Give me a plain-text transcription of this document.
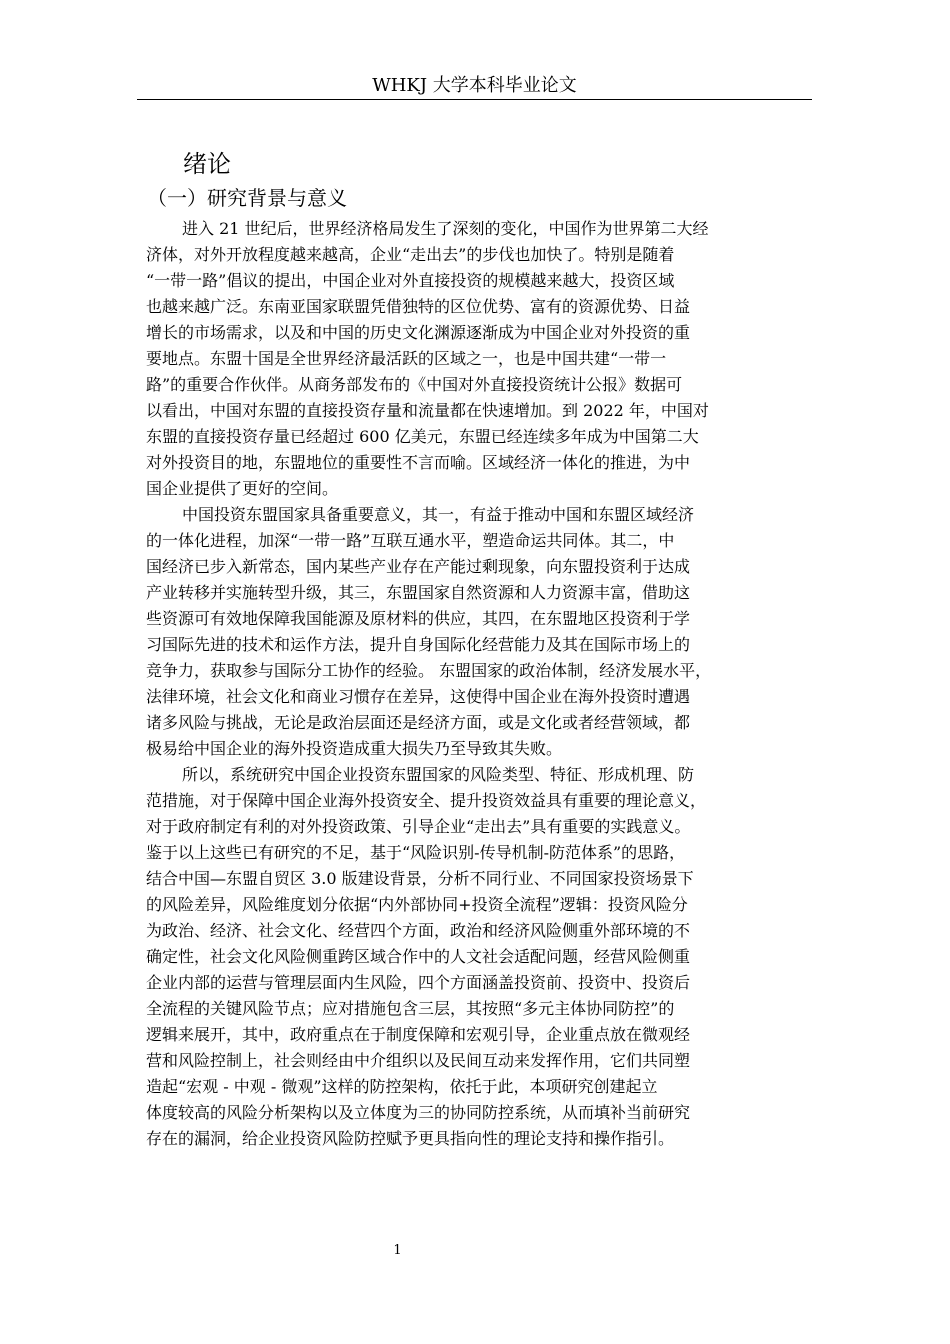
WHKJ 大学本科毕业论文
绪论
（一）研究背景与意义
进入 21 世纪后，世界经济格局发生了深刻的变化，中国作为世界第二大经
济体，对外开放程度越来越高，企业“走出去”的步伐也加快了。特别是随着
“一带一路”倡议的提出，中国企业对外直接投资的规模越来越大，投资区域
也越来越广泛。东南亚国家联盟凭借独特的区位优势、富有的资源优势、日益
增长的市场需求，以及和中国的历史文化渊源逐渐成为中国企业对外投资的重
要地点。东盟十国是全世界经济最活跃的区域之一，也是中国共建“一带一
路”的重要合作伙伴。从商务部发布的《中国对外直接投资统计公报》数据可
以看出，中国对东盟的直接投资存量和流量都在快速增加。到 2022 年，中国对
东盟的直接投资存量已经超过 600 亿美元，东盟已经连续多年成为中国第二大
对外投资目的地，东盟地位的重要性不言而喻。区域经济一体化的推进，为中
国企业提供了更好的空间。
中国投资东盟国家具备重要意义，其一，有益于推动中国和东盟区域经济
的一体化进程，加深“一带一路”互联互通水平，塑造命运共同体。其二，中
国经济已步入新常态，国内某些产业存在产能过剩现象，向东盟投资利于达成
产业转移并实施转型升级，其三，东盟国家自然资源和人力资源丰富，借助这
些资源可有效地保障我国能源及原材料的供应，其四，在东盟地区投资利于学
习国际先进的技术和运作方法，提升自身国际化经营能力及其在国际市场上的
竞争力，获取参与国际分工协作的经验。 东盟国家的政治体制，经济发展水平，
法律环境，社会文化和商业习惯存在差异，这使得中国企业在海外投资时遭遇
诸多风险与挑战，无论是政治层面还是经济方面，或是文化或者经营领域，都
极易给中国企业的海外投资造成重大损失乃至导致其失败。
所以，系统研究中国企业投资东盟国家的风险类型、特征、形成机理、防
范措施，对于保障中国企业海外投资安全、提升投资效益具有重要的理论意义，
对于政府制定有利的对外投资政策、引导企业“走出去”具有重要的实践意义。
鉴于以上这些已有研究的不足，基于“风险识别-传导机制-防范体系”的思路，
结合中国—东盟自贸区 3.0 版建设背景，分析不同行业、不同国家投资场景下
的风险差异，风险维度划分依据“内外部协同+投资全流程”逻辑：投资风险分
为政治、经济、社会文化、经营四个方面，政治和经济风险侧重外部环境的不
确定性，社会文化风险侧重跨区域合作中的人文社会适配问题，经营风险侧重
企业内部的运营与管理层面内生风险，四个方面涵盖投资前、投资中、投资后
全流程的关键风险节点；应对措施包含三层，其按照“多元主体协同防控”的
逻辑来展开，其中，政府重点在于制度保障和宏观引导，企业重点放在微观经
营和风险控制上，社会则经由中介组织以及民间互动来发挥作用，它们共同塑
造起“宏观 - 中观 - 微观”这样的防控架构，依托于此，本项研究创建起立
体度较高的风险分析架构以及立体度为三的协同防控系统，从而填补当前研究
存在的漏洞，给企业投资风险防控赋予更具指向性的理论支持和操作指引。
1
